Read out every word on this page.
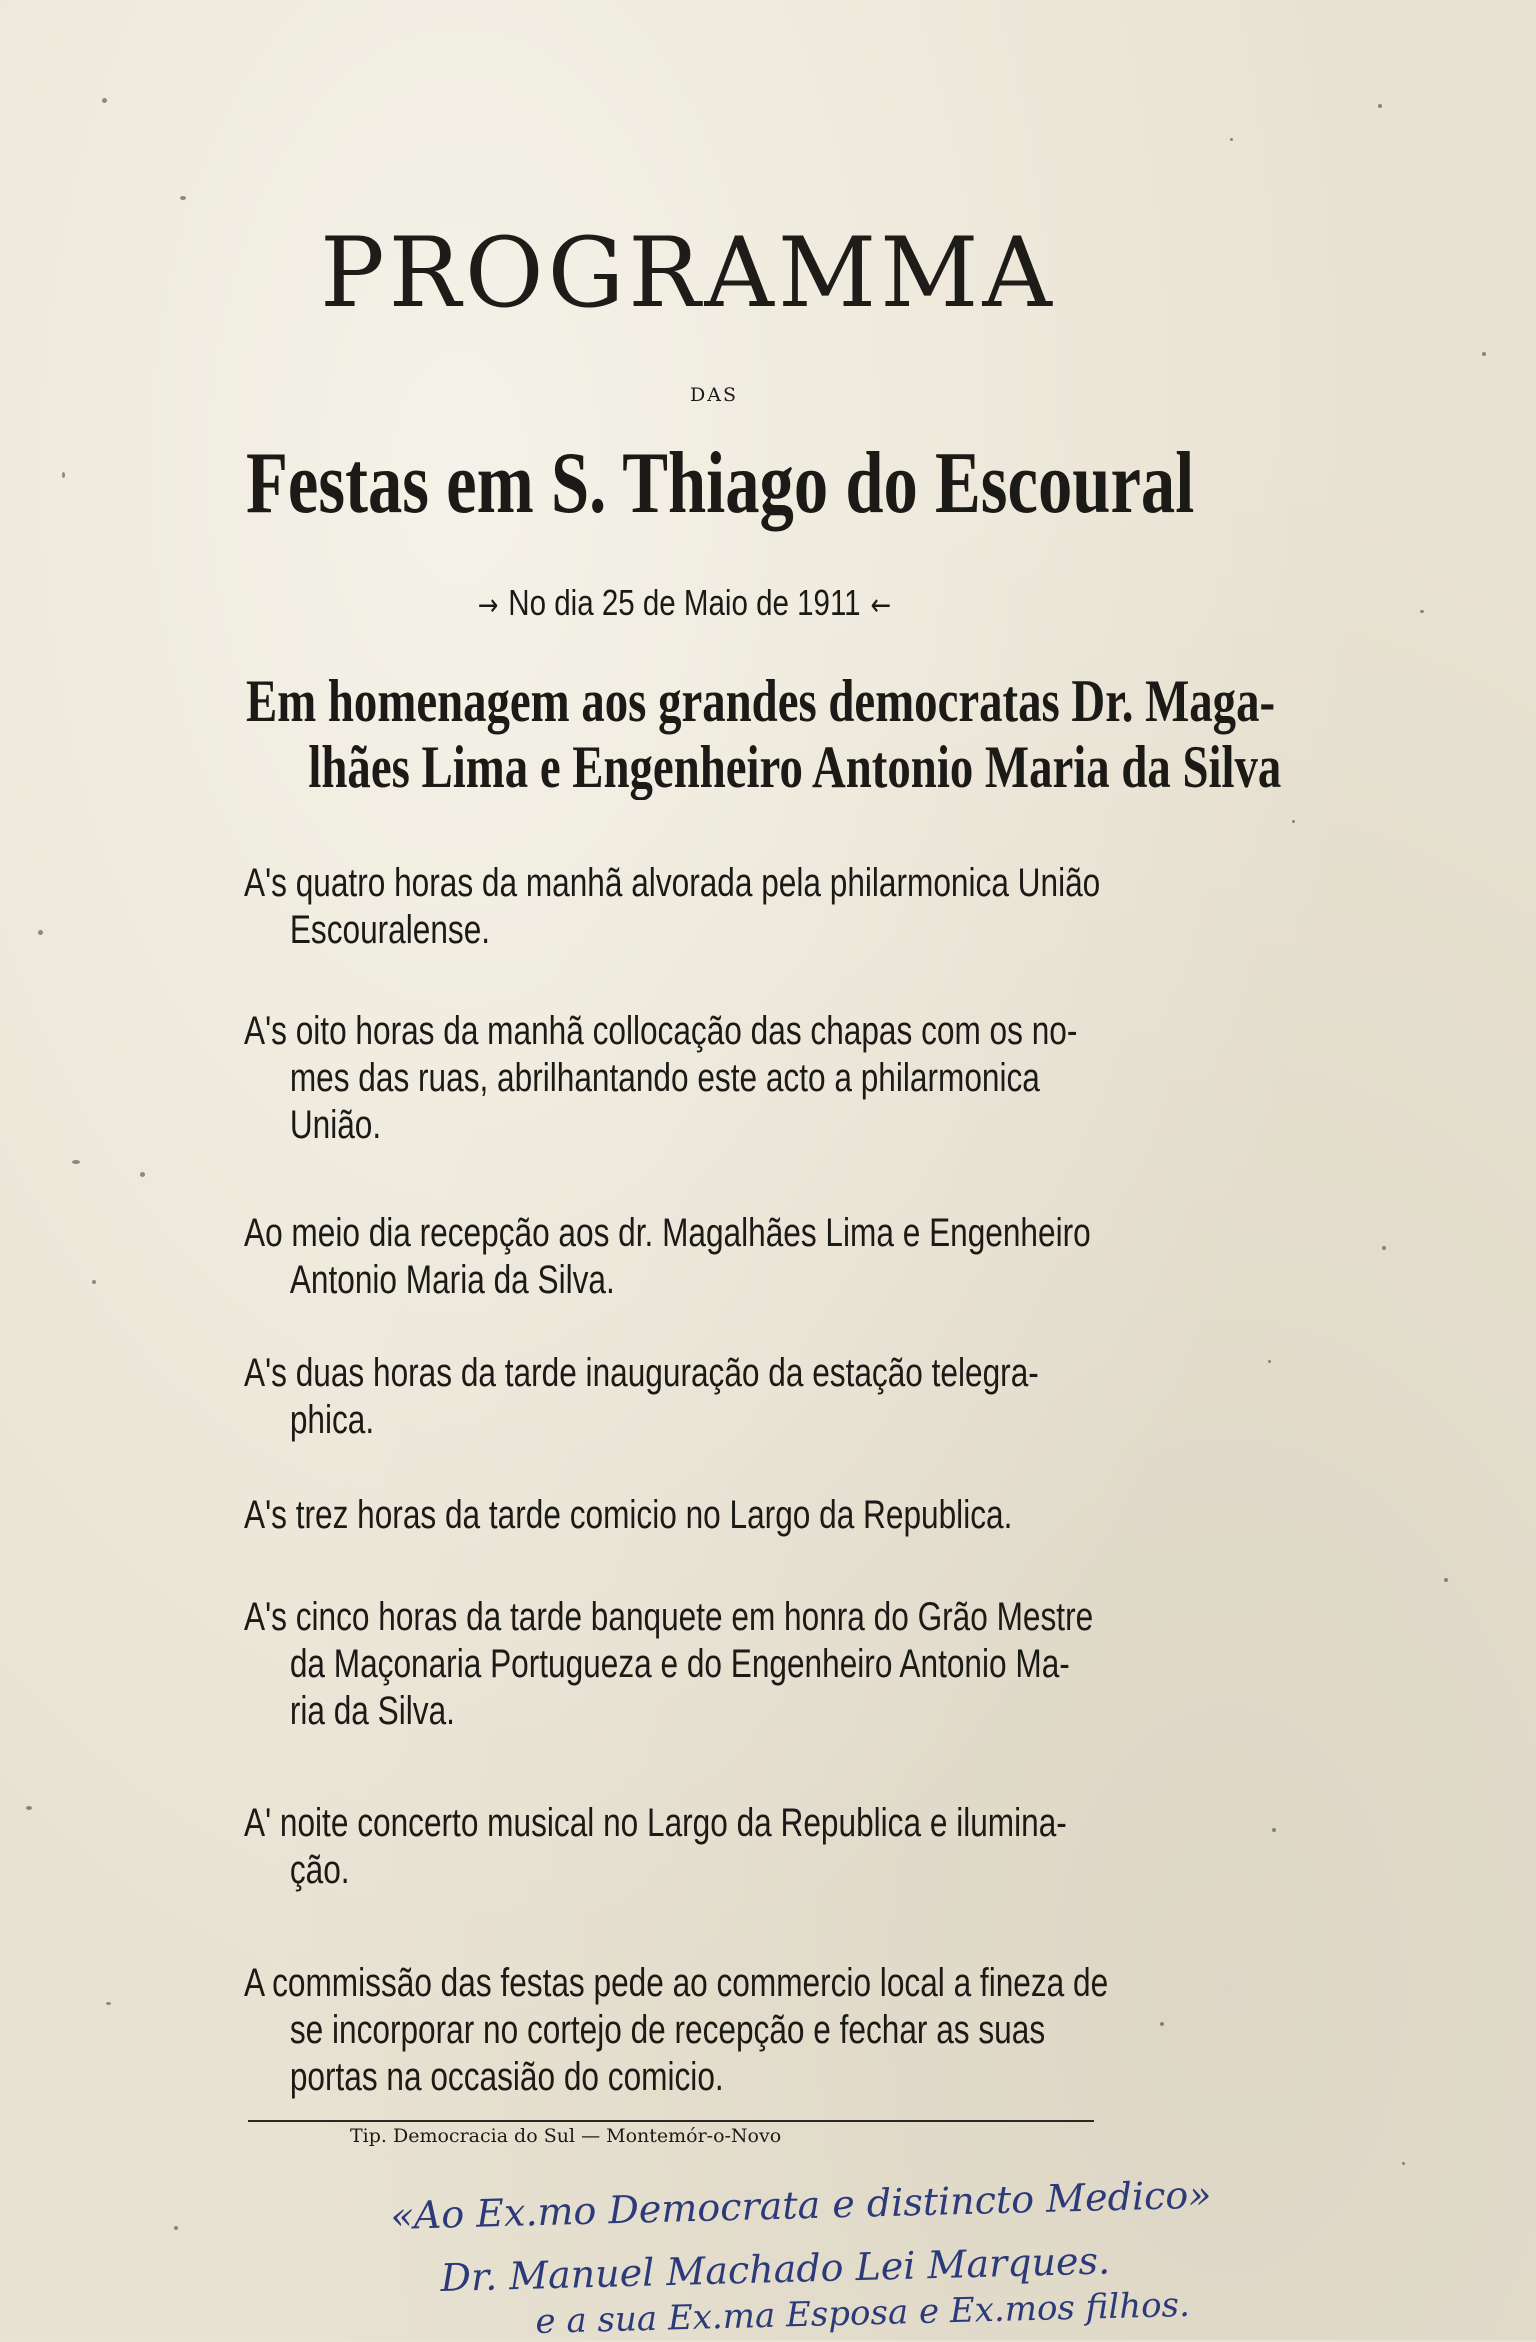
PROGRAMMA

DAS

Festas em S. Thiago do Escoural

→ No dia 25 de Maio de 1911 ←

Em homenagem aos grandes democratas Dr. Maga-
lhães Lima e Engenheiro Antonio Maria da Silva

A's quatro horas da manhã alvorada pela philarmonica União
Escouralense.

A's oito horas da manhã collocação das chapas com os no-
mes das ruas, abrilhantando este acto a philarmonica
União.

Ao meio dia recepção aos dr. Magalhães Lima e Engenheiro
Antonio Maria da Silva.

A's duas horas da tarde inauguração da estação telegra-
phica.

A's trez horas da tarde comicio no Largo da Republica.

A's cinco horas da tarde banquete em honra do Grão Mestre
da Maçonaria Portugueza e do Engenheiro Antonio Ma-
ria da Silva.

A' noite concerto musical no Largo da Republica e ilumina-
ção.

A commissão das festas pede ao commercio local a fineza de
se incorporar no cortejo de recepção e fechar as suas
portas na occasião do comicio.

Tip. Democracia do Sul — Montemór-o-Novo

«Ao Ex.mo Democrata e distincto Medico»

Dr. Manuel Machado Lei Marques.

e a sua Ex.ma Esposa e Ex.mos filhos.
